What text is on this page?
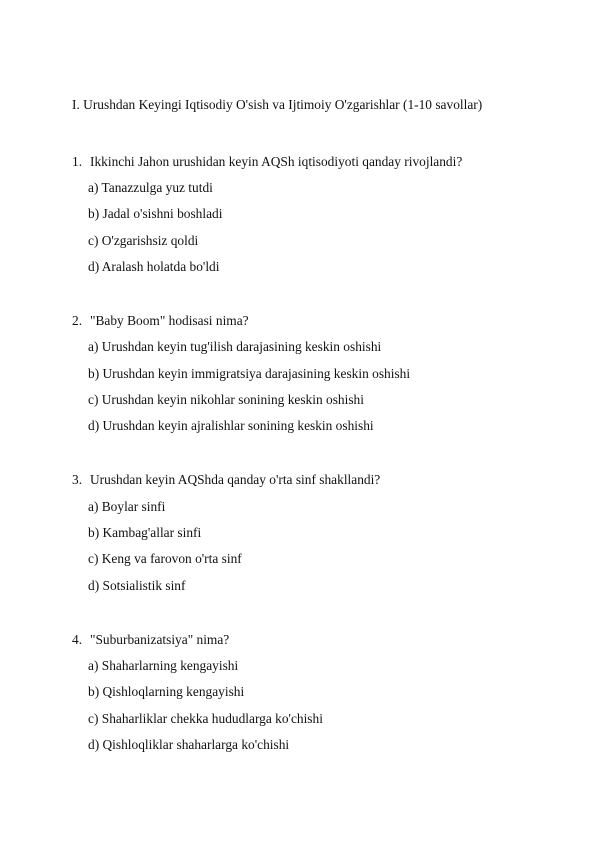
I. Urushdan Keyingi Iqtisodiy O'sish va Ijtimoiy O'zgarishlar (1-10 savollar)
1. Ikkinchi Jahon urushidan keyin AQSh iqtisodiyoti qanday rivojlandi?
a) Tanazzulga yuz tutdi
b) Jadal o'sishni boshladi
c) O'zgarishsiz qoldi
d) Aralash holatda bo'ldi
2. "Baby Boom" hodisasi nima?
a) Urushdan keyin tug'ilish darajasining keskin oshishi
b) Urushdan keyin immigratsiya darajasining keskin oshishi
c) Urushdan keyin nikohlar sonining keskin oshishi
d) Urushdan keyin ajralishlar sonining keskin oshishi
3. Urushdan keyin AQShda qanday o'rta sinf shakllandi?
a) Boylar sinfi
b) Kambag'allar sinfi
c) Keng va farovon o'rta sinf
d) Sotsialistik sinf
4. "Suburbanizatsiya" nima?
a) Shaharlarning kengayishi
b) Qishloqlarning kengayishi
c) Shaharliklar chekka hududlarga ko'chishi
d) Qishloqliklar shaharlarga ko'chishi
